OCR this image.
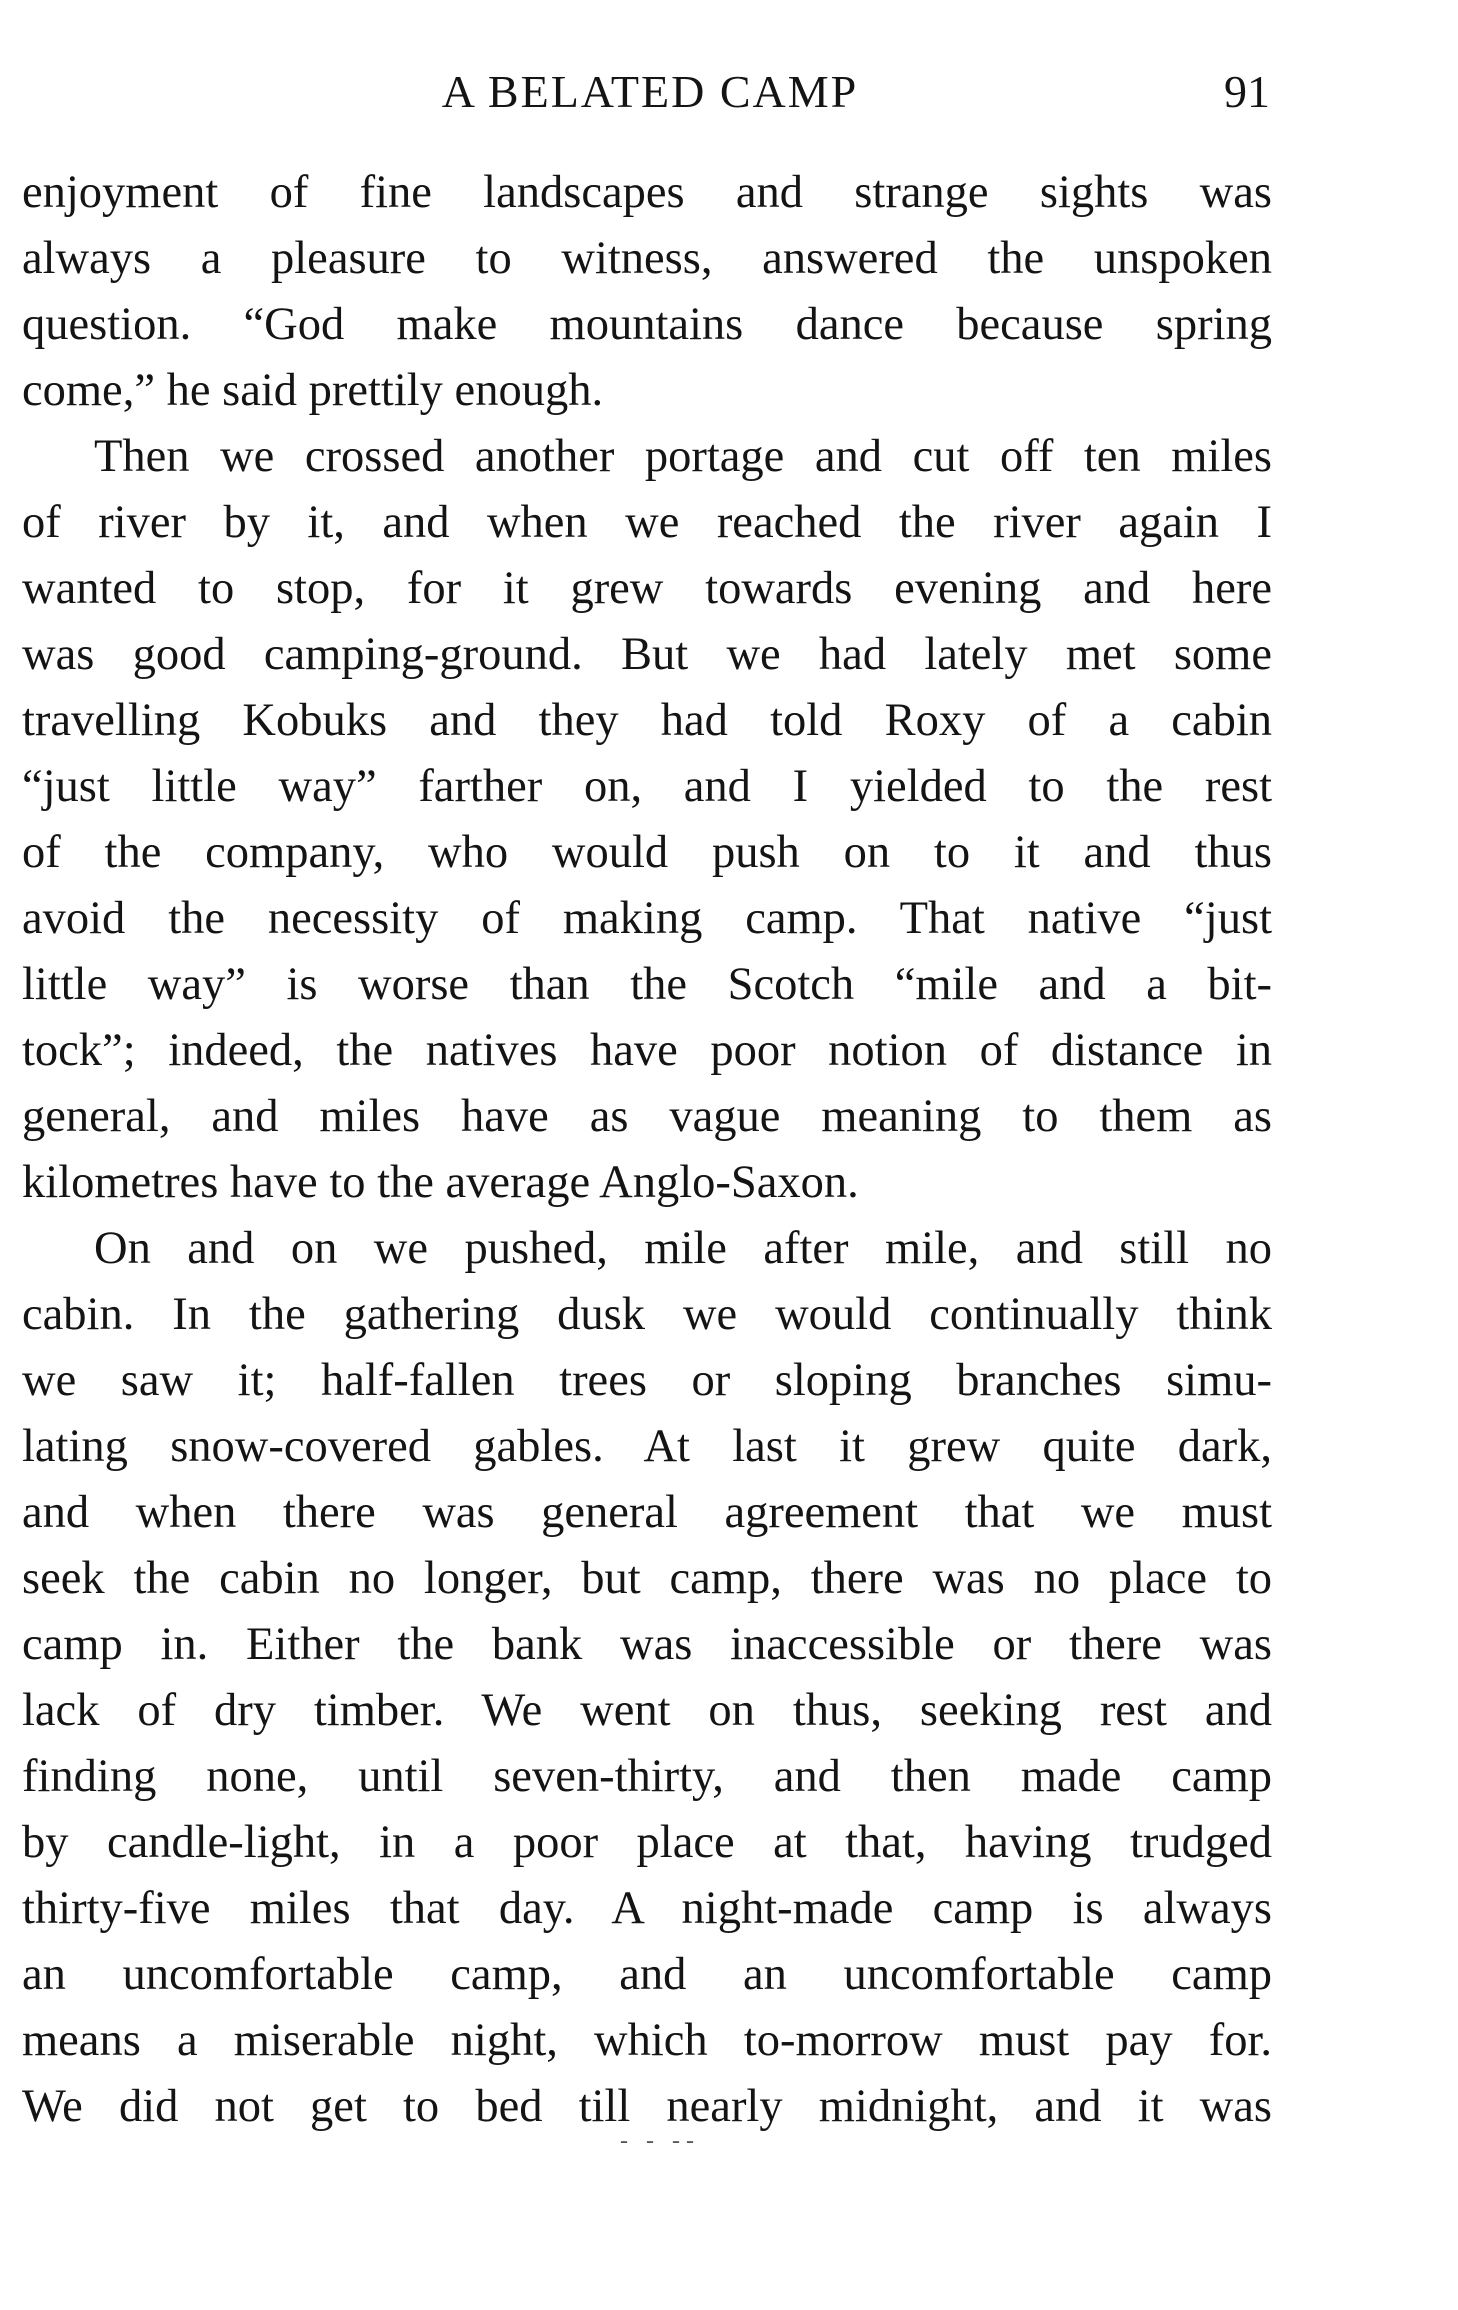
A BELATED CAMP	91
enjoyment of fine landscapes and strange sights was
always a pleasure to witness, answered the unspoken
question. “God make mountains dance because spring
come,” he said prettily enough.
Then we crossed another portage and cut off ten miles
of river by it, and when we reached the river again I
wanted to stop, for it grew towards evening and here
was good camping-ground. But we had lately met some
travelling Kobuks and they had told Roxy of a cabin
“just little way” farther on, and I yielded to the rest
of the company, who would push on to it and thus
avoid the necessity of making camp. That native “just
little way” is worse than the Scotch “mile and a bit-
tock”; indeed, the natives have poor notion of distance in
general, and miles have as vague meaning to them as
kilometres have to the average Anglo-Saxon.
On and on we pushed, mile after mile, and still no
cabin. In the gathering dusk we would continually think
we saw it; half-fallen trees or sloping branches simu-
lating snow-covered gables. At last it grew quite dark,
and when there was general agreement that we must
seek the cabin no longer, but camp, there was no place to
camp in. Either the bank was inaccessible or there was
lack of dry timber. We went on thus, seeking rest and
finding none, until seven-thirty, and then made camp
by candle-light, in a poor place at that, having trudged
thirty-five miles that day. A night-made camp is always
an uncomfortable camp, and an uncomfortable camp
means a miserable night, which to-morrow must pay for.
We did not get to bed till nearly midnight, and it was
- - --
